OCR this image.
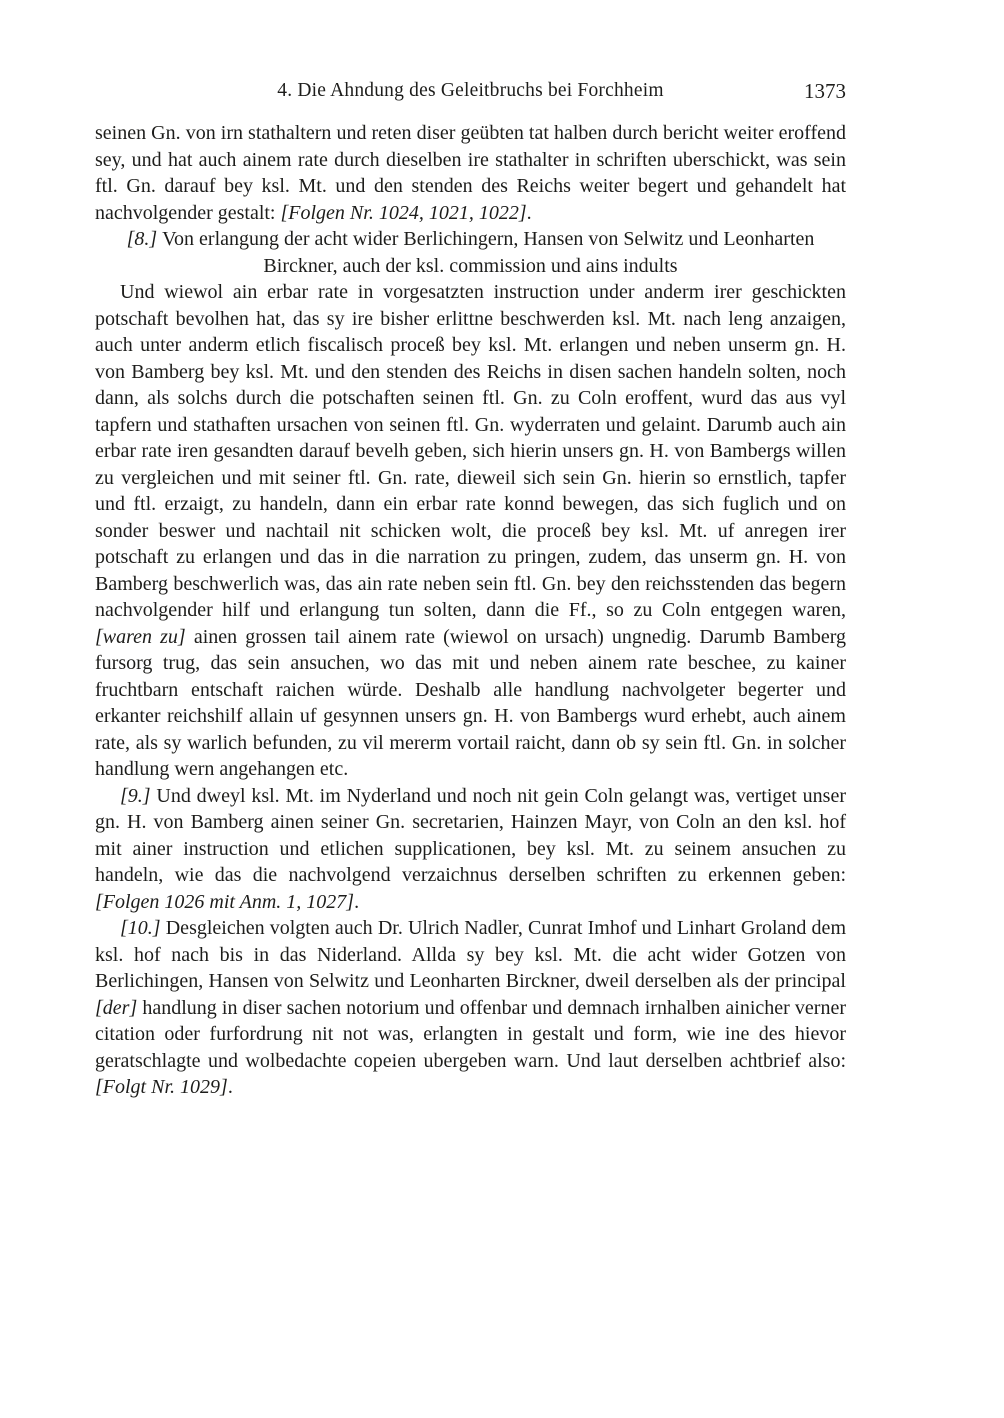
4. Die Ahndung des Geleitbruchs bei Forchheim	1373

seinen Gn. von irn stathaltern und reten diser geübten tat halben durch bericht weiter eroffend sey, und hat auch ainem rate durch dieselben ire stathalter in schriften uberschickt, was sein ftl. Gn. darauf bey ksl. Mt. und den stenden des Reichs weiter begert und gehandelt hat nachvolgender gestalt: [Folgen Nr. 1024, 1021, 1022].

[8.] Von erlangung der acht wider Berlichingern, Hansen von Selwitz und Leonharten Birckner, auch der ksl. commission und ains indults

Und wiewol ain erbar rate in vorgesatzten instruction under anderm irer geschickten potschaft bevolhen hat, das sy ire bisher erlittne beschwerden ksl. Mt. nach leng anzaigen, auch unter anderm etlich fiscalisch proceß bey ksl. Mt. erlangen und neben unserm gn. H. von Bamberg bey ksl. Mt. und den stenden des Reichs in disen sachen handeln solten, noch dann, als solchs durch die potschaften seinen ftl. Gn. zu Coln eroffent, wurd das aus vyl tapfern und stathaften ursachen von seinen ftl. Gn. wyderraten und gelaint. Darumb auch ain erbar rate iren gesandten darauf bevelh geben, sich hierin unsers gn. H. von Bambergs willen zu vergleichen und mit seiner ftl. Gn. rate, dieweil sich sein Gn. hierin so ernstlich, tapfer und ftl. erzaigt, zu handeln, dann ein erbar rate konnd bewegen, das sich fuglich und on sonder beswer und nachtail nit schicken wolt, die proceß bey ksl. Mt. uf anregen irer potschaft zu erlangen und das in die narration zu pringen, zudem, das unserm gn. H. von Bamberg beschwerlich was, das ain rate neben sein ftl. Gn. bey den reichsstenden das begern nachvolgender hilf und erlangung tun solten, dann die Ff., so zu Coln entgegen waren, [waren zu] ainen grossen tail ainem rate (wiewol on ursach) ungnedig. Darumb Bamberg fursorg trug, das sein ansuchen, wo das mit und neben ainem rate beschee, zu kainer fruchtbarn entschaft raichen würde. Deshalb alle handlung nachvolgeter begerter und erkanter reichshilf allain uf gesynnen unsers gn. H. von Bambergs wurd erhebt, auch ainem rate, als sy warlich befunden, zu vil mererm vortail raicht, dann ob sy sein ftl. Gn. in solcher handlung wern angehangen etc.

[9.] Und dweyl ksl. Mt. im Nyderland und noch nit gein Coln gelangt was, vertiget unser gn. H. von Bamberg ainen seiner Gn. secretarien, Hainzen Mayr, von Coln an den ksl. hof mit ainer instruction und etlichen supplicationen, bey ksl. Mt. zu seinem ansuchen zu handeln, wie das die nachvolgend verzaichnus derselben schriften zu erkennen geben: [Folgen 1026 mit Anm. 1, 1027].

[10.] Desgleichen volgten auch Dr. Ulrich Nadler, Cunrat Imhof und Linhart Groland dem ksl. hof nach bis in das Niderland. Allda sy bey ksl. Mt. die acht wider Gotzen von Berlichingen, Hansen von Selwitz und Leonharten Birckner, dweil derselben als der principal [der] handlung in diser sachen notorium und offenbar und demnach irnhalben ainicher verner citation oder furfordrung nit not was, erlangten in gestalt und form, wie ine des hievor geratschlagte und wolbedachte copeien ubergeben warn. Und laut derselben achtbrief also: [Folgt Nr. 1029].
